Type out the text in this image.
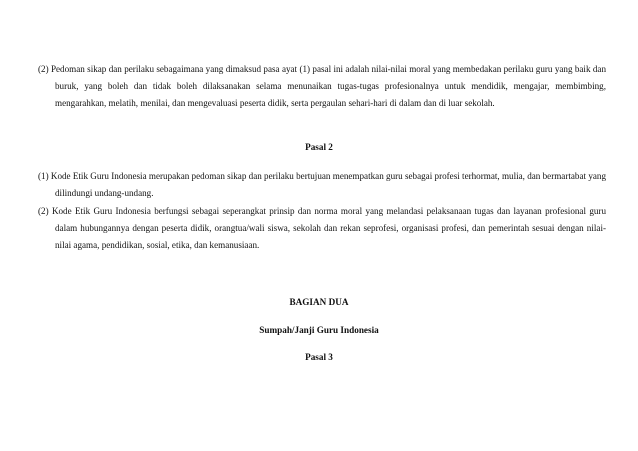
(2) Pedoman sikap dan perilaku sebagaimana yang dimaksud pasa ayat (1) pasal ini adalah nilai-nilai moral yang membedakan perilaku guru yang baik dan buruk, yang boleh dan tidak boleh dilaksanakan selama menunaikan tugas-tugas profesionalnya untuk mendidik, mengajar, membimbing, mengarahkan, melatih, menilai, dan mengevaluasi peserta didik, serta pergaulan sehari-hari di dalam dan di luar sekolah.

Pasal 2

(1) Kode Etik Guru Indonesia merupakan pedoman sikap dan perilaku bertujuan menempatkan guru sebagai profesi terhormat, mulia, dan bermartabat yang dilindungi undang-undang.

(2) Kode Etik Guru Indonesia berfungsi sebagai seperangkat prinsip dan norma moral yang melandasi pelaksanaan tugas dan layanan profesional guru dalam hubungannya dengan peserta didik, orangtua/wali siswa, sekolah dan rekan seprofesi, organisasi profesi, dan pemerintah sesuai dengan nilai-nilai agama, pendidikan, sosial, etika, dan kemanusiaan.

BAGIAN DUA
Sumpah/Janji Guru Indonesia
Pasal 3
